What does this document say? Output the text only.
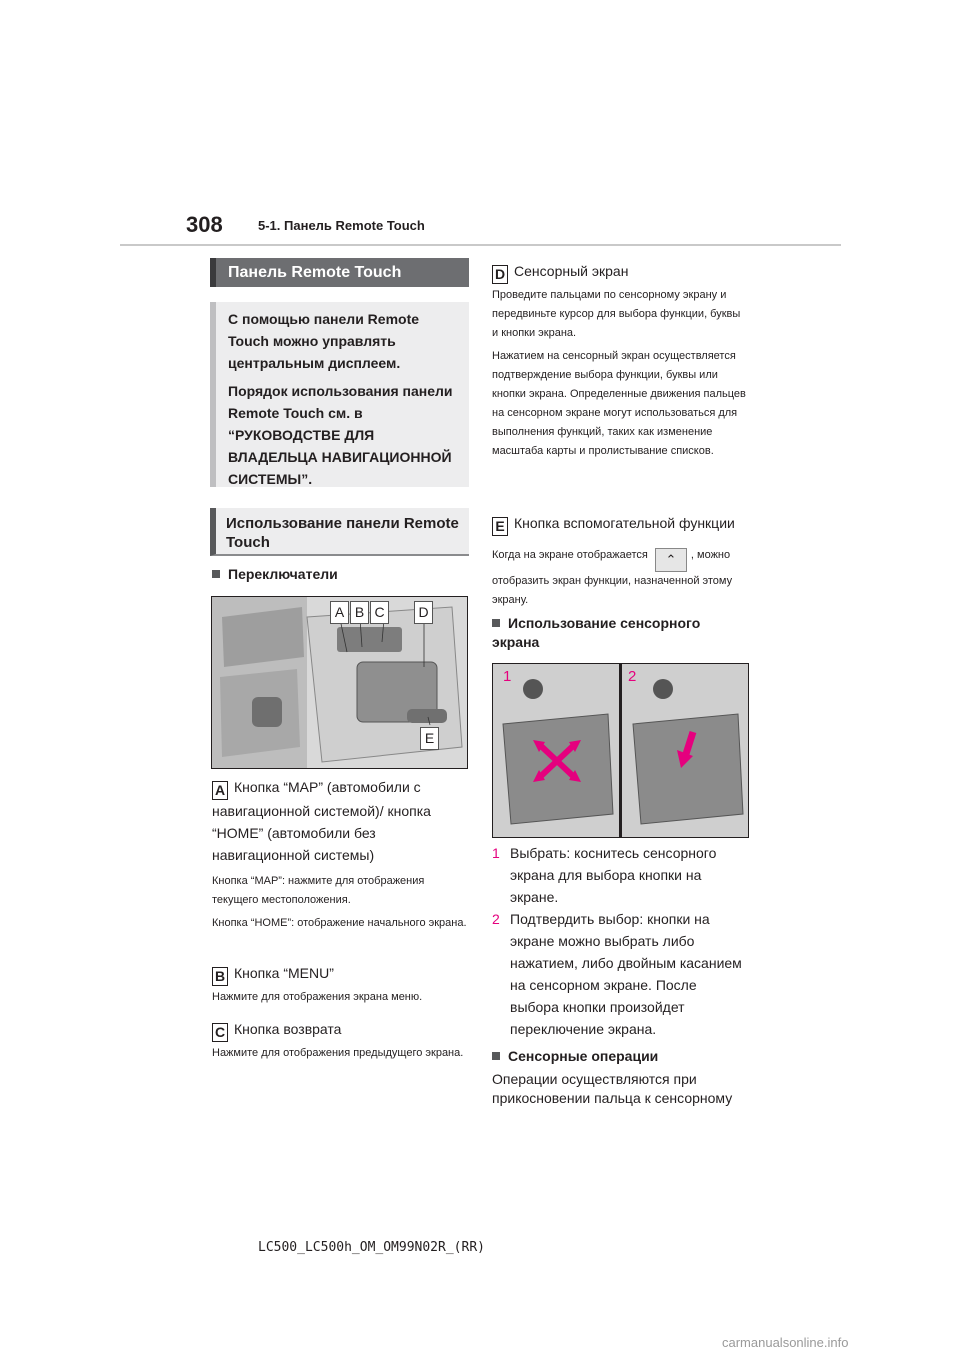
308	5-1. Панель Remote Touch
Панель Remote Touch

С помощью панели Remote Touch можно управлять центральным дисплеем.

Порядок использования панели Remote Touch см. в “РУКОВОДСТВЕ ДЛЯ ВЛАДЕЛЬЦА НАВИГАЦИОННОЙ СИСТЕМЫ”.

Использование панели Remote Touch
Переключатели
A B C	D
E
A Кнопка “MAP” (автомобили с навигационной системой)/ кнопка “HOME” (автомобили без навигационной системы)
Кнопка “MAP”: нажмите для отображения текущего местоположения.
Кнопка “HOME”: отображение начального экрана.
B Кнопка “MENU”
Нажмите для отображения экрана меню.
C Кнопка возврата
Нажмите для отображения предыдущего экрана.
D Сенсорный экран
Проведите пальцами по сенсорному экрану и передвиньте курсор для выбора функции, буквы и кнопки экрана.
Нажатием на сенсорный экран осуществляется подтверждение выбора функции, буквы или кнопки экрана. Определенные движения пальцев на сенсорном экране могут использоваться для выполнения функций, таких как изменение масштаба карты и пролистывание списков.
E Кнопка вспомогательной функции
Когда на экране отображается ⌃ , можно отобразить экран функции, назначенной этому экрану.
Использование сенсорного экрана
1	2
1 Выбрать: коснитесь сенсорного экрана для выбора кнопки на экране.
2 Подтвердить выбор: кнопки на экране можно выбрать либо нажатием, либо двойным касанием на сенсорном экране. После выбора кнопки произойдет переключение экрана.
Сенсорные операции
Операции осуществляются при прикосновении пальца к сенсорному
LC500_LC500h_OM_OM99N02R_(RR)
carmanualsonline.info
